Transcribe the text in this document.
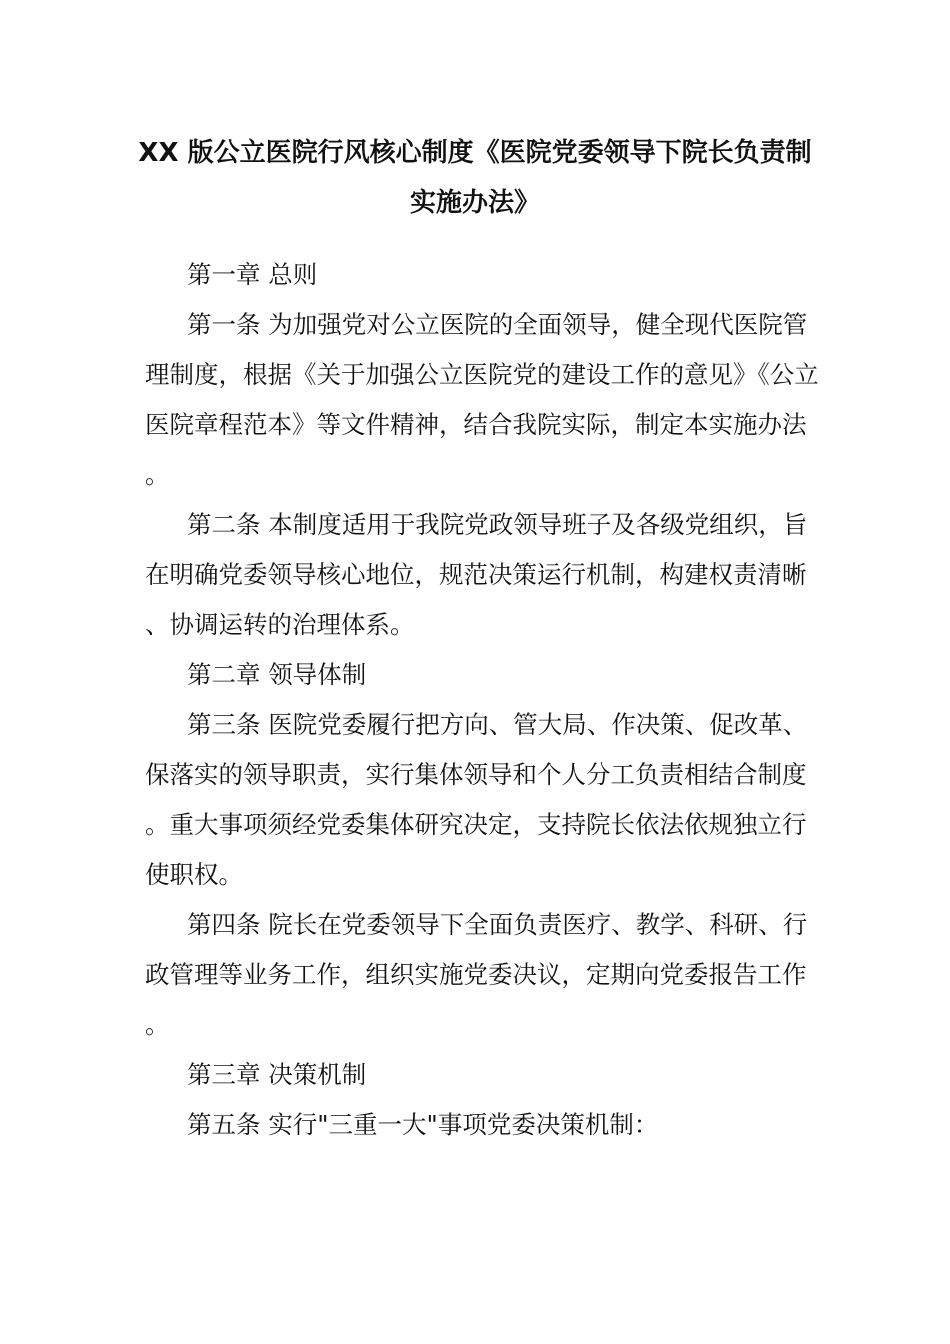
XX 版公立医院行风核心制度《医院党委领导下院长负责制
实施办法》

第一章 总则

第一条 为加强党对公立医院的全面领导，健全现代医院管理制度，根据《关于加强公立医院党的建设工作的意见》《公立医院章程范本》等文件精神，结合我院实际，制定本实施办法。

第二条 本制度适用于我院党政领导班子及各级党组织，旨在明确党委领导核心地位，规范决策运行机制，构建权责清晰、协调运转的治理体系。

第二章 领导体制

第三条 医院党委履行把方向、管大局、作决策、促改革、保落实的领导职责，实行集体领导和个人分工负责相结合制度。重大事项须经党委集体研究决定，支持院长依法依规独立行使职权。

第四条 院长在党委领导下全面负责医疗、教学、科研、行政管理等业务工作，组织实施党委决议，定期向党委报告工作。

第三章 决策机制

第五条 实行"三重一大"事项党委决策机制：
